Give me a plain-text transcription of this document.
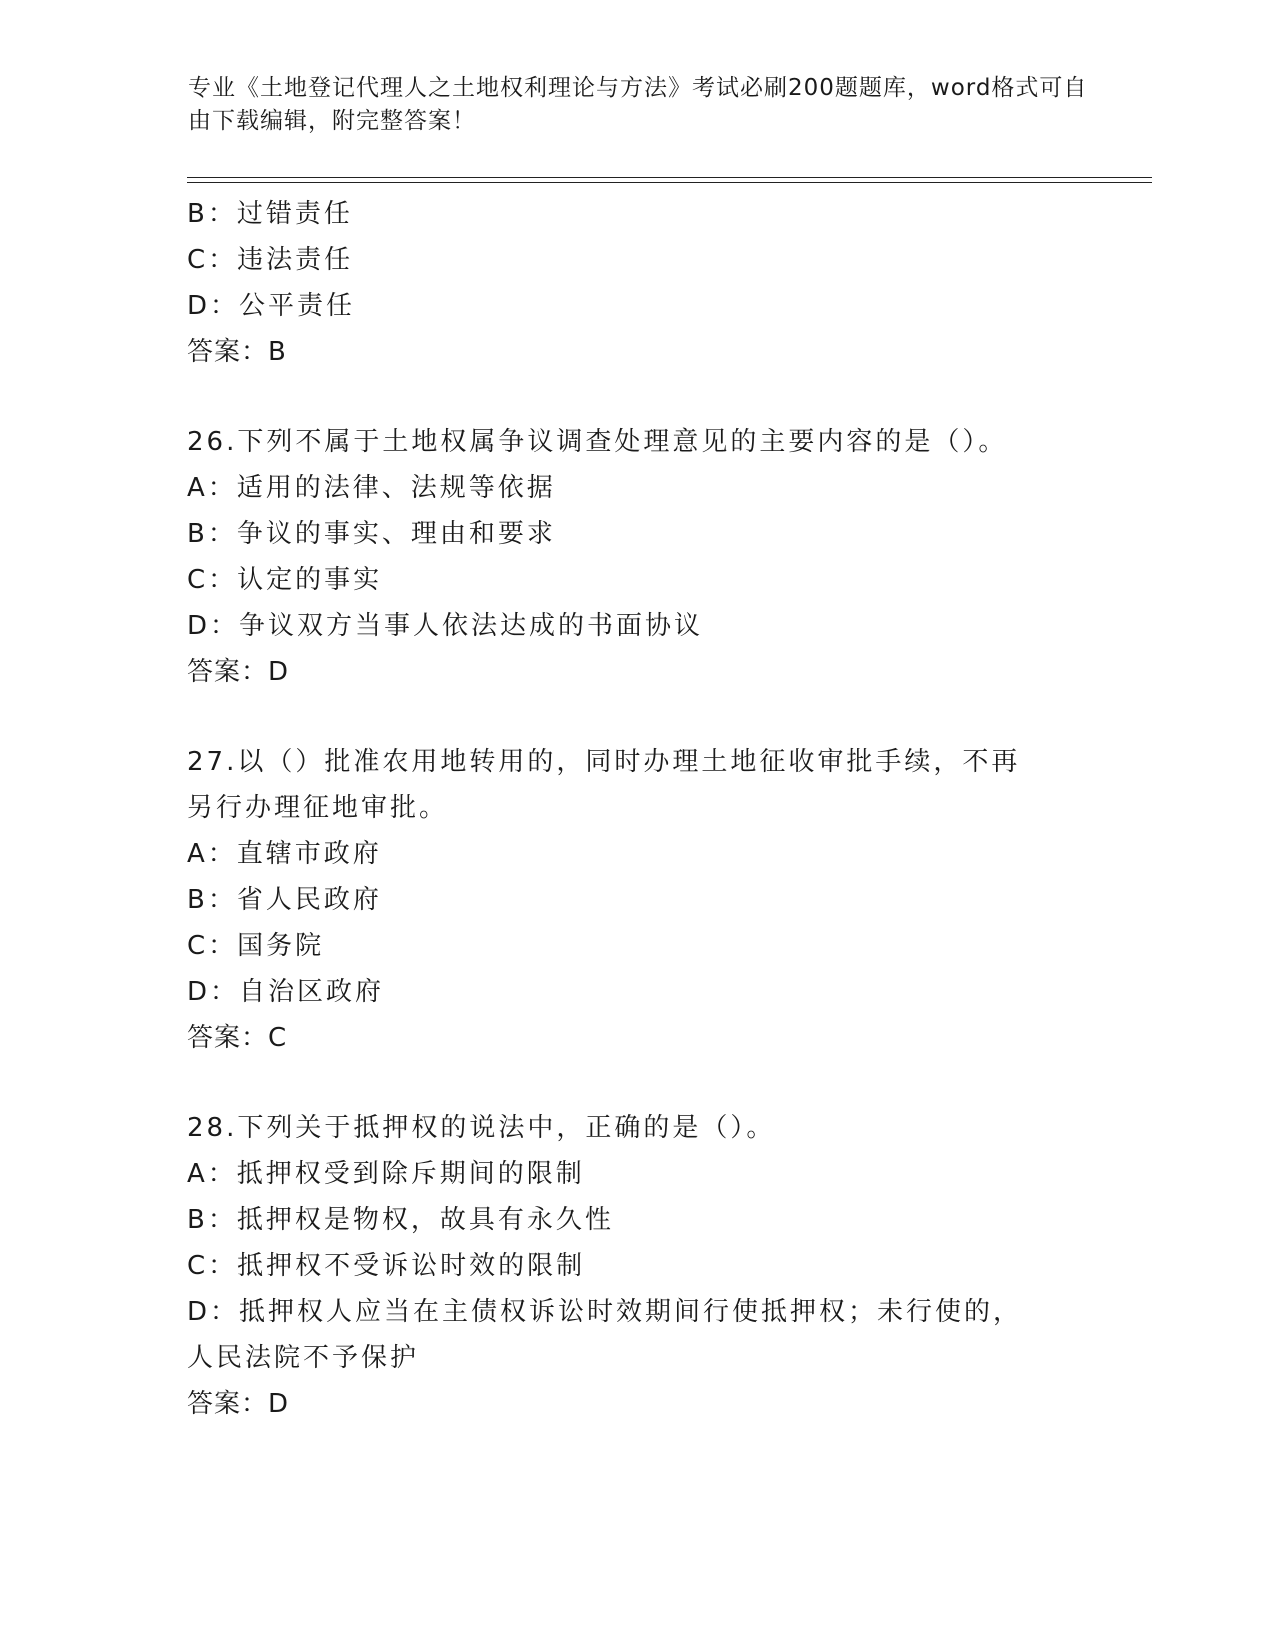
专业《土地登记代理人之土地权利理论与方法》考试必刷200题题库，word格式可自由下载编辑，附完整答案！
B：过错责任
C：违法责任
D：公平责任
答案：B
26.下列不属于土地权属争议调查处理意见的主要内容的是（）。
A：适用的法律、法规等依据
B：争议的事实、理由和要求
C：认定的事实
D：争议双方当事人依法达成的书面协议
答案：D
27.以（）批准农用地转用的，同时办理土地征收审批手续，不再另行办理征地审批。
A：直辖市政府
B：省人民政府
C：国务院
D：自治区政府
答案：C
28.下列关于抵押权的说法中，正确的是（）。
A：抵押权受到除斥期间的限制
B：抵押权是物权，故具有永久性
C：抵押权不受诉讼时效的限制
D：抵押权人应当在主债权诉讼时效期间行使抵押权；未行使的，人民法院不予保护
答案：D
